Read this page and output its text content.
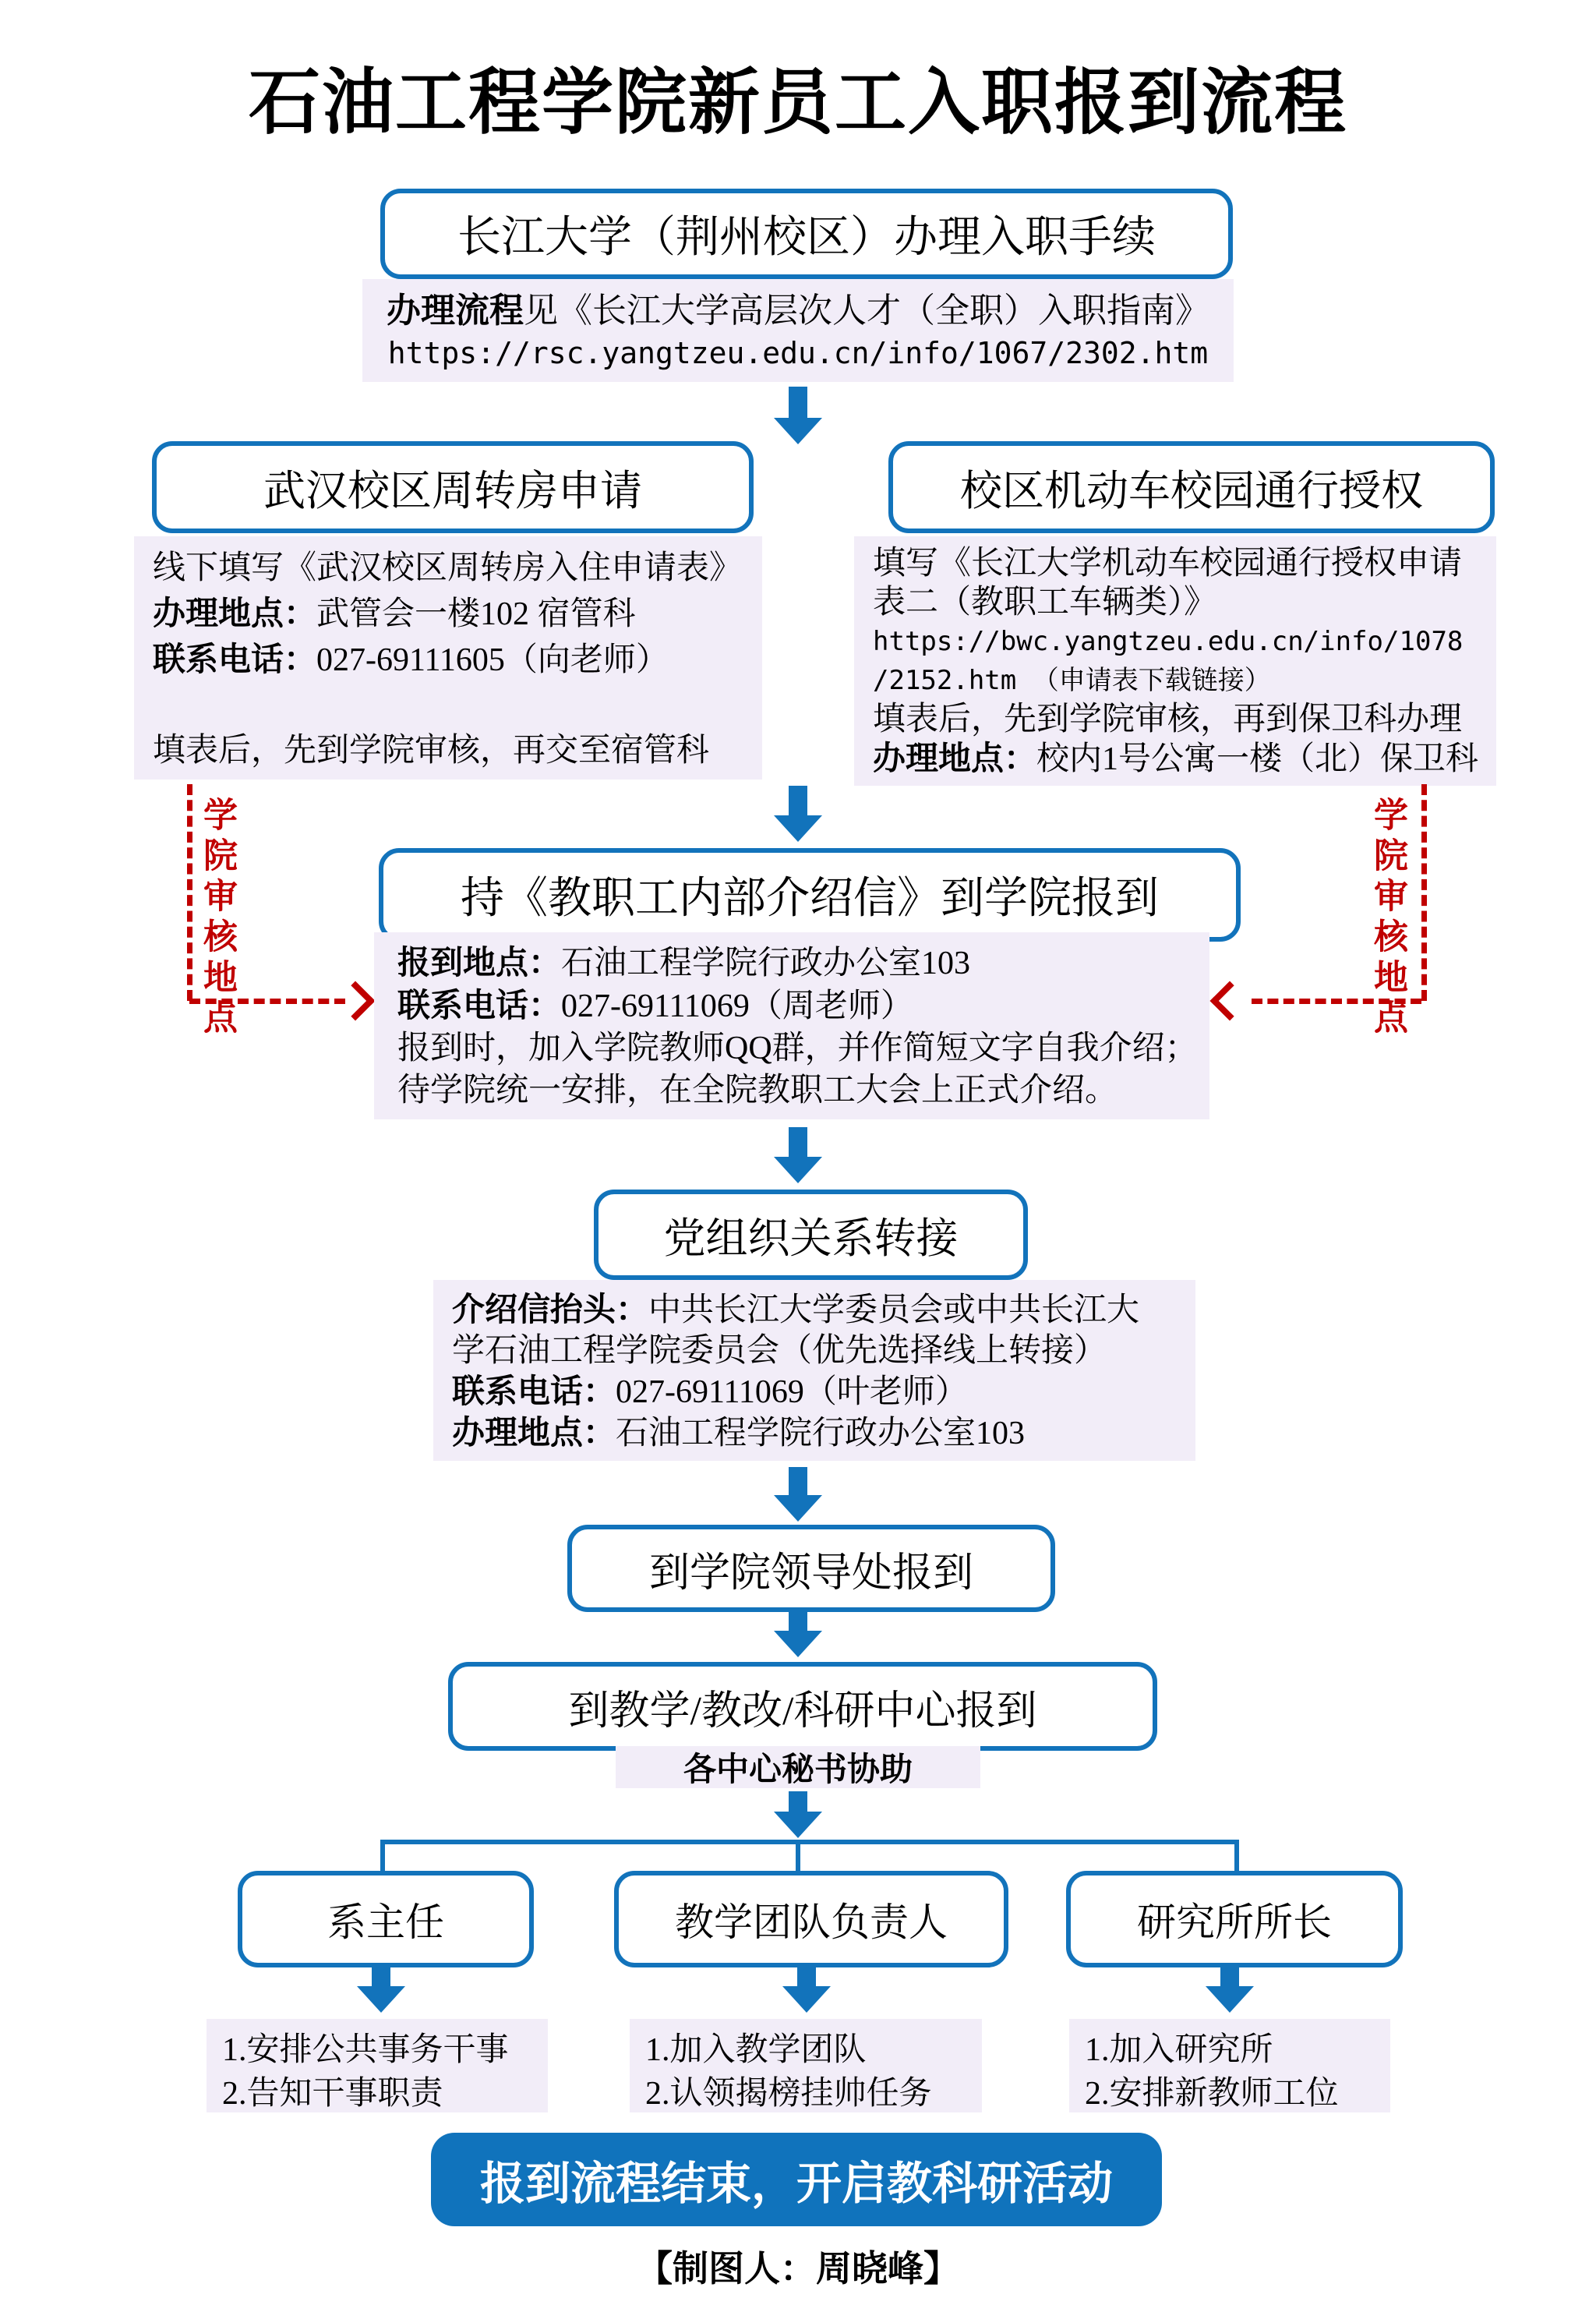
石油工程学院新员工入职报到流程
长江大学（荆州校区）办理入职手续
办理流程见《长江大学高层次人才（全职）入职指南》
https://rsc.yangtzeu.edu.cn/info/1067/2302.htm
武汉校区周转房申请	校区机动车校园通行授权
线下填写《武汉校区周转房入住申请表》
办理地点：武管会一楼102 宿管科
联系电话：027-69111605（向老师）

填表后，先到学院审核，再交至宿管科
填写《长江大学机动车校园通行授权申请
表二（教职工车辆类）》
https://bwc.yangtzeu.edu.cn/info/1078
/2152.htm （申请表下载链接）
填表后，先到学院审核，再到保卫科办理
办理地点：校内1号公寓一楼（北）保卫科
学院审核地点	学院审核地点
持《教职工内部介绍信》到学院报到
报到地点：石油工程学院行政办公室103
联系电话：027-69111069（周老师）
报到时，加入学院教师QQ群，并作简短文字自我介绍；
待学院统一安排，在全院教职工大会上正式介绍。
党组织关系转接
介绍信抬头：中共长江大学委员会或中共长江大
学石油工程学院委员会（优先选择线上转接）
联系电话：027-69111069（叶老师）
办理地点：石油工程学院行政办公室103
到学院领导处报到
到教学/教改/科研中心报到
各中心秘书协助
系主任	教学团队负责人	研究所所长
1.安排公共事务干事
2.告知干事职责
1.加入教学团队
2.认领揭榜挂帅任务
1.加入研究所
2.安排新教师工位
报到流程结束，开启教科研活动
【制图人：周晓峰】
